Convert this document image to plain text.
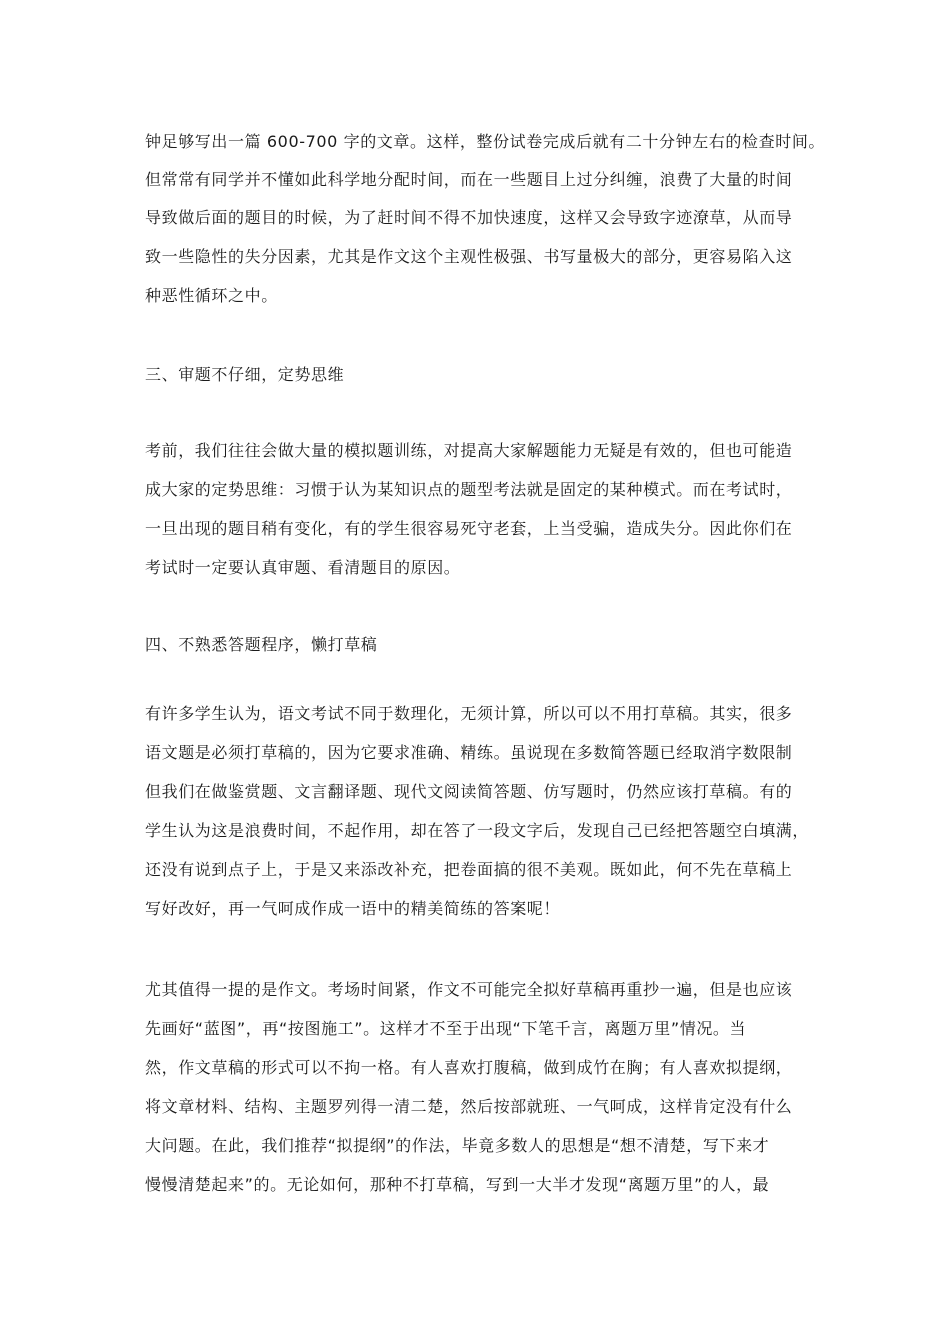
钟足够写出一篇 600-700 字的文章。这样，整份试卷完成后就有二十分钟左右的检查时间。
但常常有同学并不懂如此科学地分配时间，而在一些题目上过分纠缠，浪费了大量的时间
导致做后面的题目的时候，为了赶时间不得不加快速度，这样又会导致字迹潦草，从而导
致一些隐性的失分因素，尤其是作文这个主观性极强、书写量极大的部分，更容易陷入这
种恶性循环之中。
三、审题不仔细，定势思维
考前，我们往往会做大量的模拟题训练，对提高大家解题能力无疑是有效的，但也可能造
成大家的定势思维：习惯于认为某知识点的题型考法就是固定的某种模式。而在考试时，
一旦出现的题目稍有变化，有的学生很容易死守老套，上当受骗，造成失分。因此你们在
考试时一定要认真审题、看清题目的原因。
四、不熟悉答题程序，懒打草稿
有许多学生认为，语文考试不同于数理化，无须计算，所以可以不用打草稿。其实，很多
语文题是必须打草稿的，因为它要求准确、精练。虽说现在多数简答题已经取消字数限制
但我们在做鉴赏题、文言翻译题、现代文阅读简答题、仿写题时，仍然应该打草稿。有的
学生认为这是浪费时间，不起作用，却在答了一段文字后，发现自己已经把答题空白填满，
还没有说到点子上，于是又来添改补充，把卷面搞的很不美观。既如此，何不先在草稿上
写好改好，再一气呵成作成一语中的精美简练的答案呢！
尤其值得一提的是作文。考场时间紧，作文不可能完全拟好草稿再重抄一遍，但是也应该
先画好“蓝图”，再“按图施工”。这样才不至于出现“下笔千言，离题万里”情况。当
然，作文草稿的形式可以不拘一格。有人喜欢打腹稿，做到成竹在胸；有人喜欢拟提纲，
将文章材料、结构、主题罗列得一清二楚，然后按部就班、一气呵成，这样肯定没有什么
大问题。在此，我们推荐“拟提纲”的作法，毕竟多数人的思想是“想不清楚，写下来才
慢慢清楚起来”的。无论如何，那种不打草稿，写到一大半才发现“离题万里”的人，最
